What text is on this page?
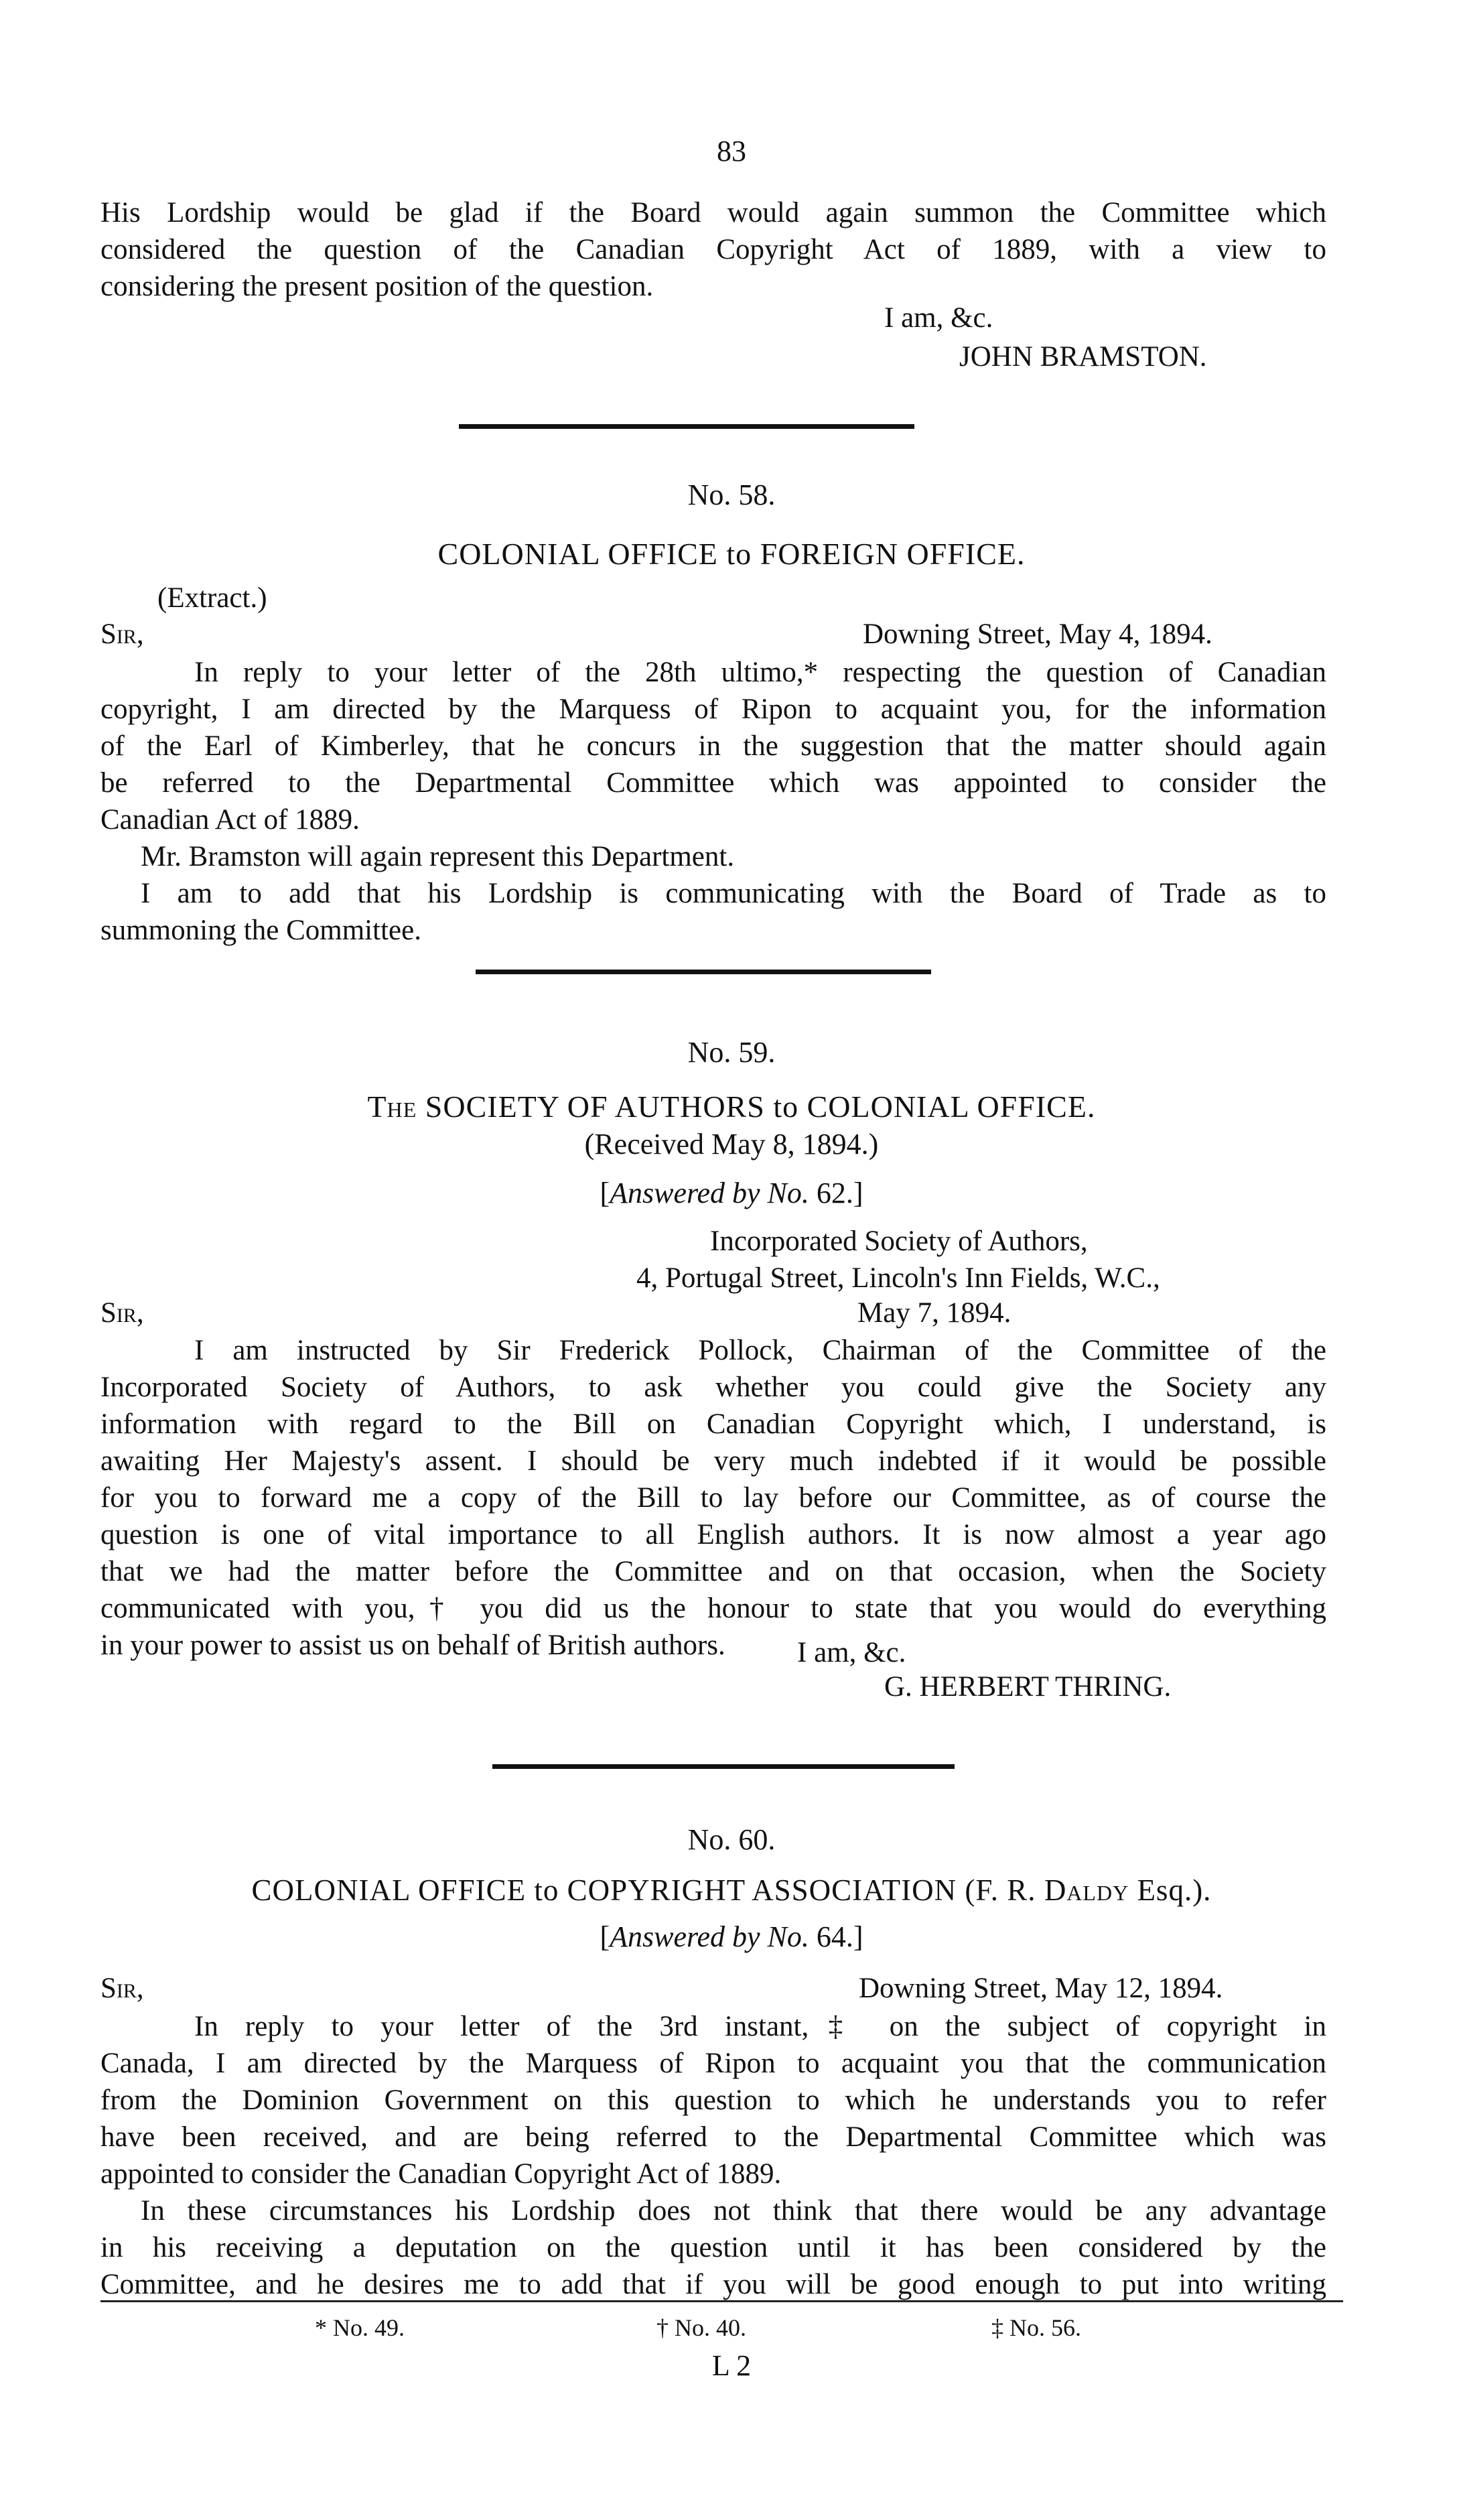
83
His Lordship would be glad if the Board would again summon the Committee which
considered the question of the Canadian Copyright Act of 1889, with a view to
considering the present position of the question.
I am, &c.
JOHN BRAMSTON.
No. 58.
COLONIAL OFFICE to FOREIGN OFFICE.
(Extract.)
Sir,	Downing Street, May 4, 1894.
In reply to your letter of the 28th ultimo,* respecting the question of Canadian
copyright, I am directed by the Marquess of Ripon to acquaint you, for the information
of the Earl of Kimberley, that he concurs in the suggestion that the matter should again
be referred to the Departmental Committee which was appointed to consider the
Canadian Act of 1889.
Mr. Bramston will again represent this Department.
I am to add that his Lordship is communicating with the Board of Trade as to
summoning the Committee.
No. 59.
The SOCIETY OF AUTHORS to COLONIAL OFFICE.
(Received May 8, 1894.)
[Answered by No. 62.]
Incorporated Society of Authors,
4, Portugal Street, Lincoln's Inn Fields, W.C.,
Sir,	May 7, 1894.
I am instructed by Sir Frederick Pollock, Chairman of the Committee of the
Incorporated Society of Authors, to ask whether you could give the Society any
information with regard to the Bill on Canadian Copyright which, I understand, is
awaiting Her Majesty's assent. I should be very much indebted if it would be possible
for you to forward me a copy of the Bill to lay before our Committee, as of course the
question is one of vital importance to all English authors. It is now almost a year ago
that we had the matter before the Committee and on that occasion, when the Society
communicated with you,† you did us the honour to state that you would do everything
in your power to assist us on behalf of British authors.	I am, &c.
G. HERBERT THRING.
No. 60.
COLONIAL OFFICE to COPYRIGHT ASSOCIATION (F. R. Daldy Esq.).
[Answered by No. 64.]
Sir,	Downing Street, May 12, 1894.
In reply to your letter of the 3rd instant,‡ on the subject of copyright in
Canada, I am directed by the Marquess of Ripon to acquaint you that the communication
from the Dominion Government on this question to which he understands you to refer
have been received, and are being referred to the Departmental Committee which was
appointed to consider the Canadian Copyright Act of 1889.
In these circumstances his Lordship does not think that there would be any advantage
in his receiving a deputation on the question until it has been considered by the
Committee, and he desires me to add that if you will be good enough to put into writing
* No. 49.	† No. 40.	‡ No. 56.
L 2
